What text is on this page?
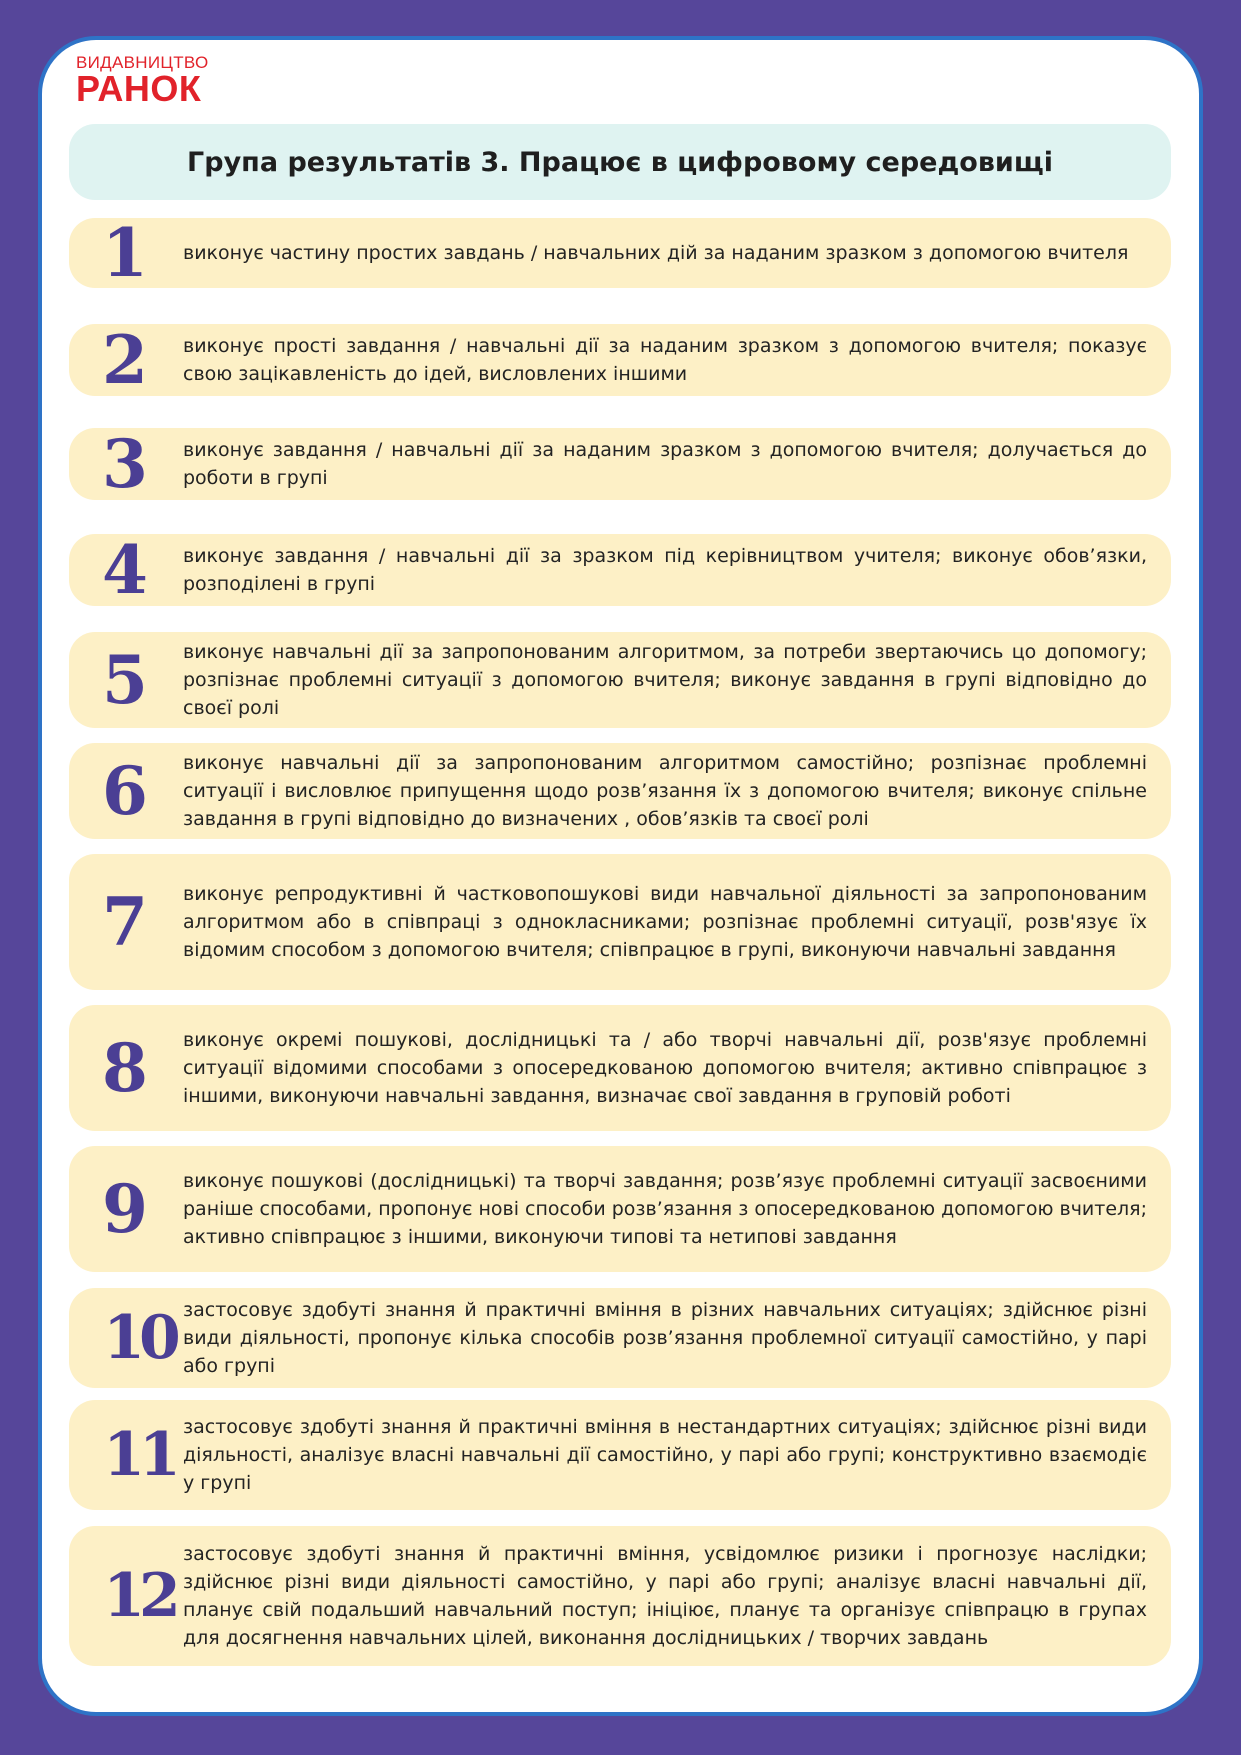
ВИДАВНИЦТВО
РАНОК
Група результатів 3. Працює в цифровому середовищі
1	виконує частину простих завдань / навчальних дій за наданим зразком з допомогою вчителя

2	виконує прості завдання / навчальні дії за наданим зразком з допомогою вчителя; показує свою зацікавленість до ідей, висловлених іншими

3	виконує завдання / навчальні дії за наданим зразком з допомогою вчителя; долучається до роботи в групі

4	виконує завдання / навчальні дії за зразком під керівництвом учителя; виконує обов’язки, розподілені в групі

5	виконує навчальні дії за запропонованим алгоритмом, за потреби звертаючись цо допомогу; розпізнає проблемні ситуації з допомогою вчителя; виконує завдання в групі відповідно до своєї ролі

6	виконує навчальні дії за запропонованим алгоритмом самостійно; розпізнає проблемні ситуації і висловлює припущення щодо розв’язання їх з допомогою вчителя; виконує спільне завдання в групі відповідно до визначених , обов’язків та своєї ролі

7	виконує репродуктивні й частковопошукові види навчальної діяльності за запропонованим алгоритмом або в співпраці з однокласниками; розпізнає проблемні ситуації, розв'язує їх відомим способом з допомогою вчителя; співпрацює в групі, виконуючи навчальні завдання

8	виконує окремі пошукові, дослідницькі та / або творчі навчальні дії, розв'язує проблемні ситуації відомими способами з опосередкованою допомогою вчителя; активно співпрацює з іншими, виконуючи навчальні завдання, визначає свої завдання в груповій роботі

9	виконує пошукові (дослідницькі) та творчі завдання; розв’язує проблемні ситуації засвоєними раніше способами, пропонує нові способи розв’язання з опосередкованою допомогою вчителя; активно співпрацює з іншими, виконуючи типові та нетипові завдання

10 застосовує здобуті знання й практичні вміння в різних навчальних ситуаціях; здійснює різні види діяльності, пропонує кілька способів розв’язання проблемної ситуації самостійно, у парі або групі

11 застосовує здобуті знання й практичні вміння в нестандартних ситуаціях; здійснює різні види діяльності, аналізує власні навчальні дії самостійно, у парі або групі; конструктивно взаємодіє у групі

12

застосовує здобуті знання й практичні вміння, усвідомлює ризики і прогнозує наслідки; здійснює різні види діяльності самостійно, у парі або групі; аналізує власні навчальні дії, планує свій подальший навчальний поступ; ініціює, планує та організує співпрацю в групах для досягнення навчальних цілей, виконання дослідницьких / творчих завдань
